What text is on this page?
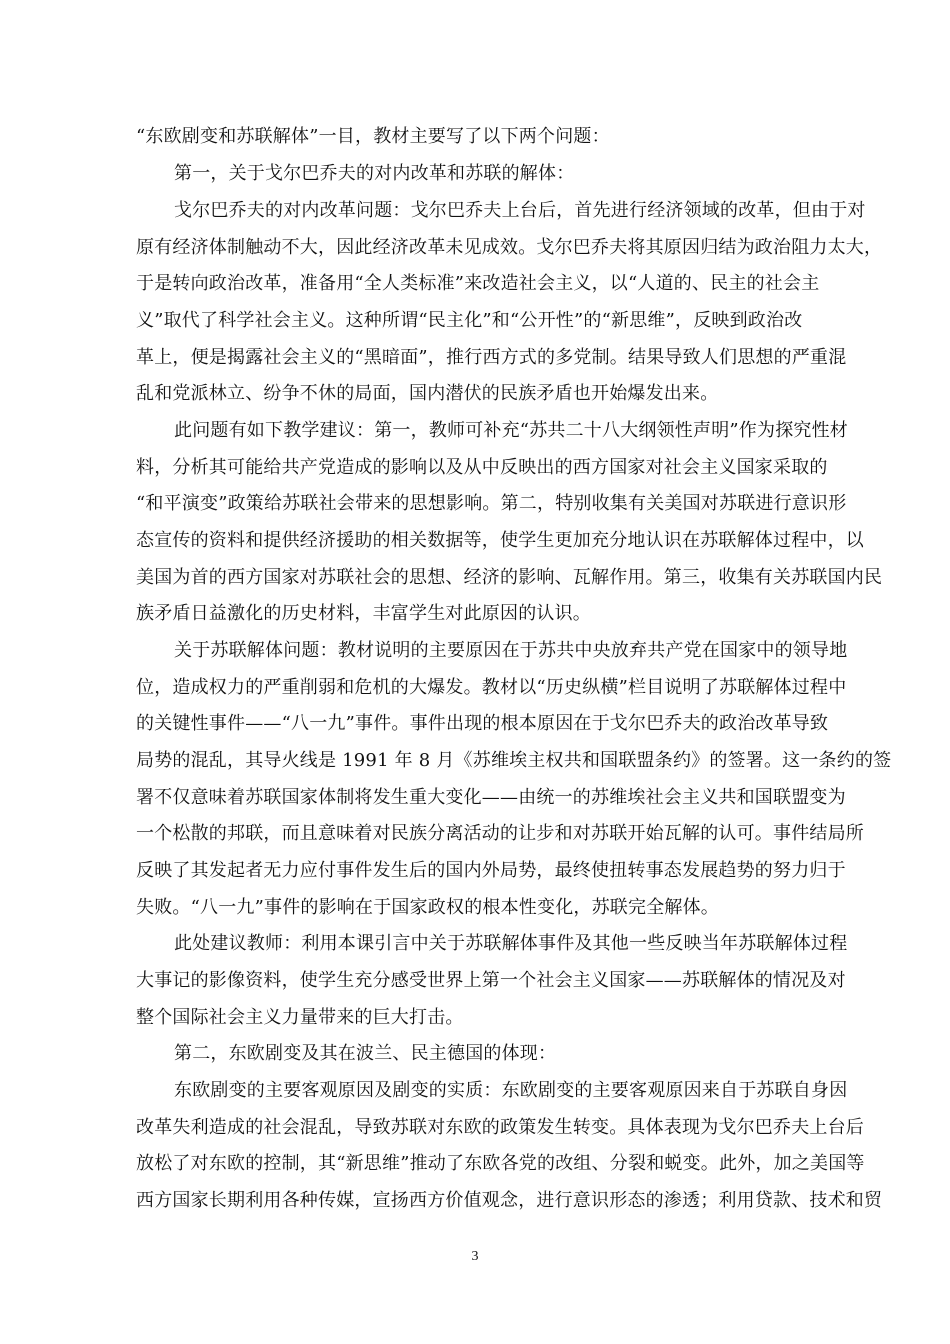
“东欧剧变和苏联解体”一目，教材主要写了以下两个问题：
第一，关于戈尔巴乔夫的对内改革和苏联的解体：
戈尔巴乔夫的对内改革问题：戈尔巴乔夫上台后，首先进行经济领域的改革，但由于对
原有经济体制触动不大，因此经济改革未见成效。戈尔巴乔夫将其原因归结为政治阻力太大，
于是转向政治改革，准备用“全人类标准”来改造社会主义，以“人道的、民主的社会主
义”取代了科学社会主义。这种所谓“民主化”和“公开性”的“新思维”，反映到政治改
革上，便是揭露社会主义的“黑暗面”，推行西方式的多党制。结果导致人们思想的严重混
乱和党派林立、纷争不休的局面，国内潜伏的民族矛盾也开始爆发出来。
此问题有如下教学建议：第一，教师可补充“苏共二十八大纲领性声明”作为探究性材
料，分析其可能给共产党造成的影响以及从中反映出的西方国家对社会主义国家采取的
“和平演变”政策给苏联社会带来的思想影响。第二，特别收集有关美国对苏联进行意识形
态宣传的资料和提供经济援助的相关数据等，使学生更加充分地认识在苏联解体过程中，以
美国为首的西方国家对苏联社会的思想、经济的影响、瓦解作用。第三，收集有关苏联国内民
族矛盾日益激化的历史材料，丰富学生对此原因的认识。
关于苏联解体问题：教材说明的主要原因在于苏共中央放弃共产党在国家中的领导地
位，造成权力的严重削弱和危机的大爆发。教材以“历史纵横”栏目说明了苏联解体过程中
的关键性事件——“八一九”事件。事件出现的根本原因在于戈尔巴乔夫的政治改革导致
局势的混乱，其导火线是 1991 年 8 月《苏维埃主权共和国联盟条约》的签署。这一条约的签
署不仅意味着苏联国家体制将发生重大变化——由统一的苏维埃社会主义共和国联盟变为
一个松散的邦联，而且意味着对民族分离活动的让步和对苏联开始瓦解的认可。事件结局所
反映了其发起者无力应付事件发生后的国内外局势，最终使扭转事态发展趋势的努力归于
失败。“八一九”事件的影响在于国家政权的根本性变化，苏联完全解体。
此处建议教师：利用本课引言中关于苏联解体事件及其他一些反映当年苏联解体过程
大事记的影像资料，使学生充分感受世界上第一个社会主义国家——苏联解体的情况及对
整个国际社会主义力量带来的巨大打击。
第二，东欧剧变及其在波兰、民主德国的体现：
东欧剧变的主要客观原因及剧变的实质：东欧剧变的主要客观原因来自于苏联自身因
改革失利造成的社会混乱，导致苏联对东欧的政策发生转变。具体表现为戈尔巴乔夫上台后
放松了对东欧的控制，其“新思维”推动了东欧各党的改组、分裂和蜕变。此外，加之美国等
西方国家长期利用各种传媒，宣扬西方价值观念，进行意识形态的渗透；利用贷款、技术和贸
3
